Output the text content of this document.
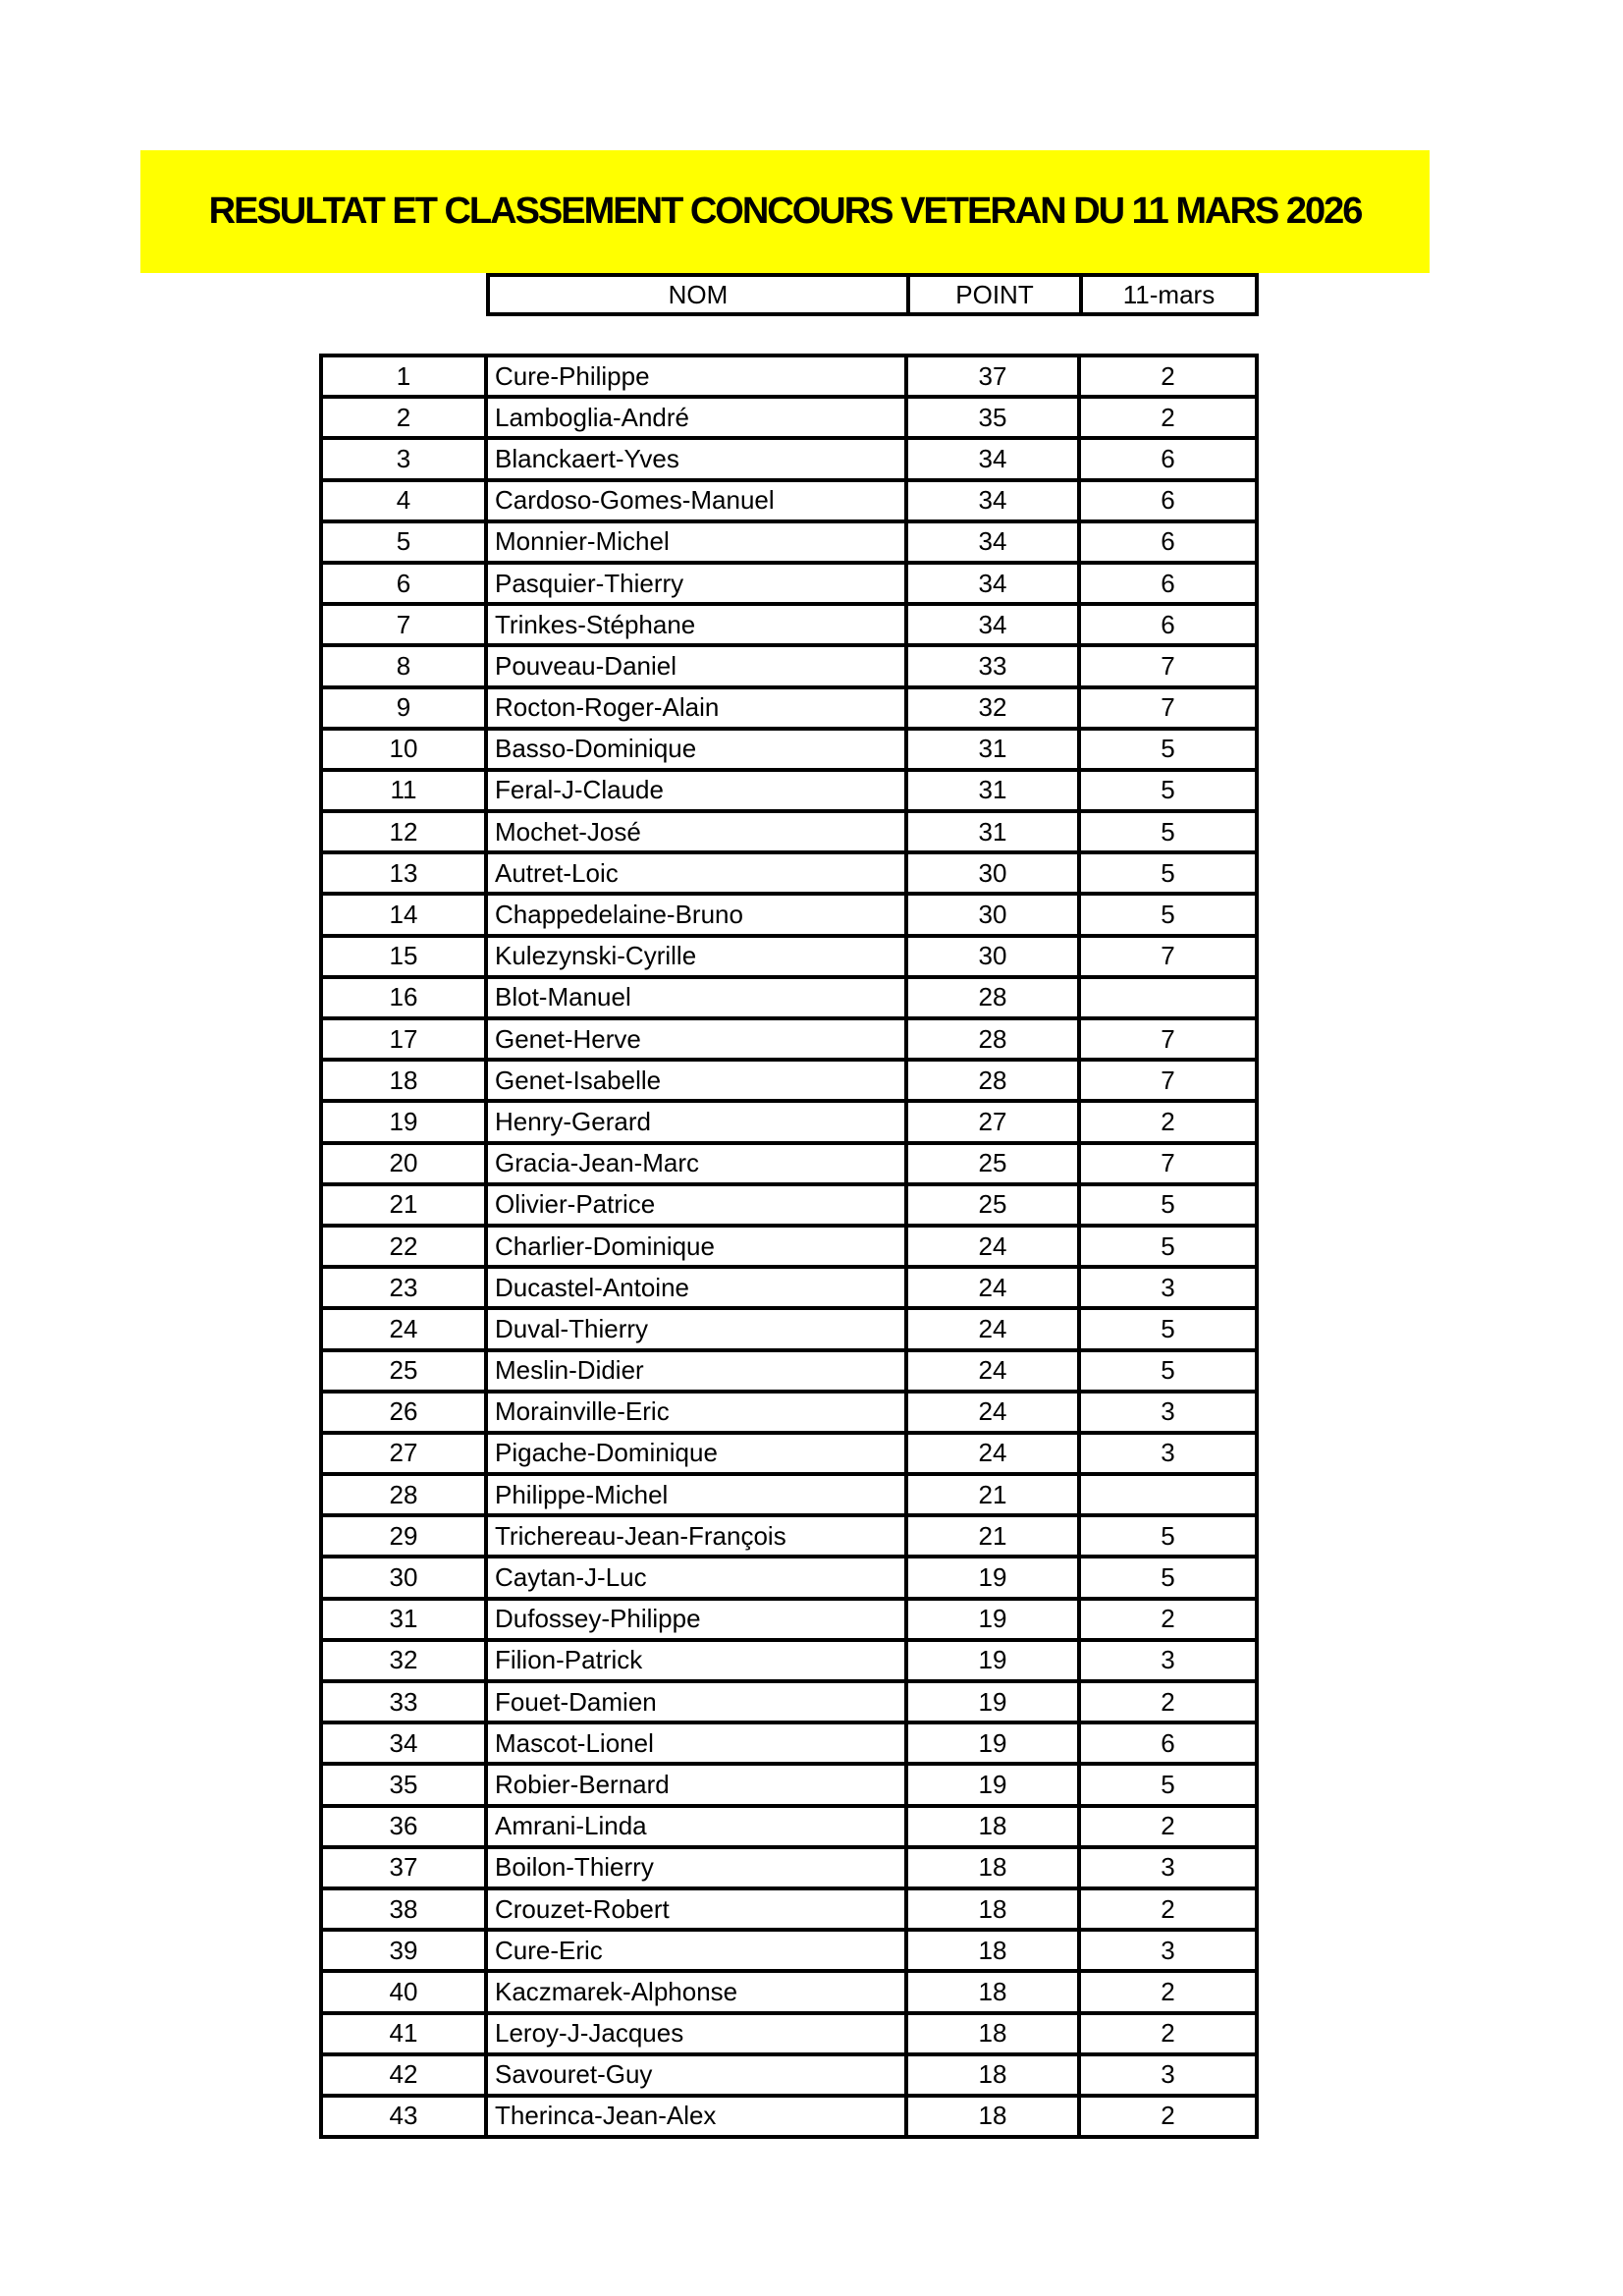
RESULTAT ET CLASSEMENT CONCOURS VETERAN DU 11 MARS 2026
NOM	POINT	11-mars
1	Cure-Philippe	37	2
2	Lamboglia-André	35	2
3	Blanckaert-Yves	34	6
4	Cardoso-Gomes-Manuel	34	6
5	Monnier-Michel	34	6
6	Pasquier-Thierry	34	6
7	Trinkes-Stéphane	34	6
8	Pouveau-Daniel	33	7
9	Rocton-Roger-Alain	32	7
10	Basso-Dominique	31	5
11	Feral-J-Claude	31	5
12	Mochet-José	31	5
13	Autret-Loic	30	5
14	Chappedelaine-Bruno	30	5
15	Kulezynski-Cyrille	30	7
16	Blot-Manuel	28
17	Genet-Herve	28	7
18	Genet-Isabelle	28	7
19	Henry-Gerard	27	2
20	Gracia-Jean-Marc	25	7
21	Olivier-Patrice	25	5
22	Charlier-Dominique	24	5
23	Ducastel-Antoine	24	3
24	Duval-Thierry	24	5
25	Meslin-Didier	24	5
26	Morainville-Eric	24	3
27	Pigache-Dominique	24	3
28	Philippe-Michel	21
29	Trichereau-Jean-François	21	5
30	Caytan-J-Luc	19	5
31	Dufossey-Philippe	19	2
32	Filion-Patrick	19	3
33	Fouet-Damien	19	2
34	Mascot-Lionel	19	6
35	Robier-Bernard	19	5
36	Amrani-Linda	18	2
37	Boilon-Thierry	18	3
38	Crouzet-Robert	18	2
39	Cure-Eric	18	3
40	Kaczmarek-Alphonse	18	2
41	Leroy-J-Jacques	18	2
42	Savouret-Guy	18	3
43	Therinca-Jean-Alex	18	2
